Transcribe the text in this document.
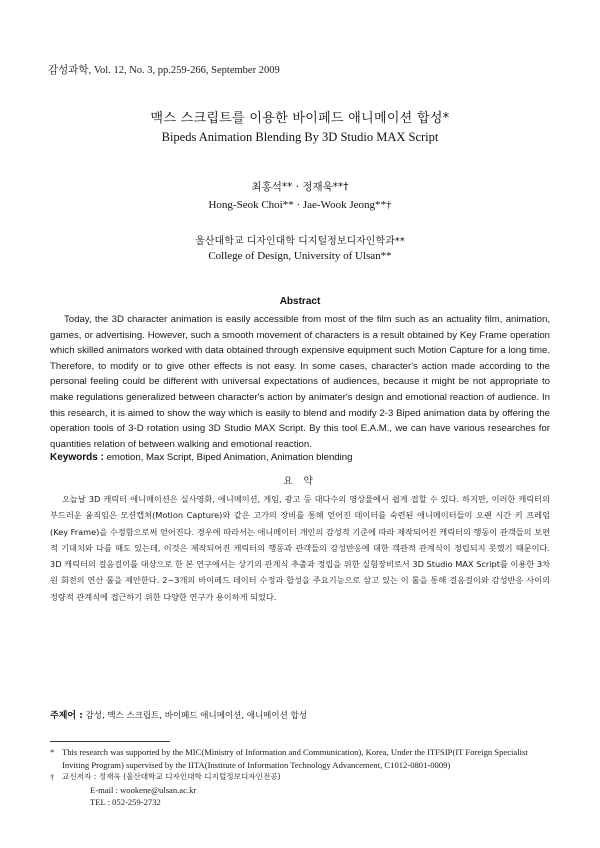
감성과학, Vol. 12, No. 3, pp.259-266, September 2009
맥스 스크립트를 이용한 바이페드 애니메이션 합성*
Bipeds Animation Blending By 3D Studio MAX Script
최홍석** · 정재욱**†
Hong-Seok Choi** · Jae-Wook Jeong**†
울산대학교 디자인대학 디지털정보디자인학과**
College of Design, University of Ulsan**
Abstract
Today, the 3D character animation is easily accessible from most of the film such as an actuality film, animation, games, or advertising. However, such a smooth movement of characters is a result obtained by Key Frame operation which skilled animators worked with data obtained through expensive equipment such Motion Capture for a long time. Therefore, to modify or to give other effects is not easy. In some cases, character's action made according to the personal feeling could be different with universal expectations of audiences, because it might be not appropriate to make regulations generalized between character's action by animater's design and emotional reaction of audience. In this research, it is aimed to show the way which is easily to blend and modify 2-3 Biped animation data by offering the operation tools of 3-D rotation using 3D Studio MAX Script. By this tool E.A.M., we can have various researches for quantities relation of between walking and emotional reaction.
Keywords : emotion, Max Script, Biped Animation, Animation blending
요 약
오늘날 3D 캐릭터 애니메이션은 실사영화, 애니메이션, 게임, 광고 등 대다수의 영상물에서 쉽게 접할 수 있다. 하지만, 이러한 캐릭터의 부드러운 움직임은 모션캡쳐(Motion Capture)와 같은 고가의 장비를 통해 얻어진 데이터를 숙련된 애니메이터들이 오랜 시간 키 프레임(Key Frame)을 수정함으로써 얻어진다. 경우에 따라서는 애니메이터 개인의 감성적 기준에 따라 제작되어진 캐릭터의 행동이 관객들의 보편적 기대치와 다를 때도 있는데, 이것은 제작되어진 캐릭터의 행동과 관객들의 감성반응에 대한 객관적 관계식이 정립되지 못했기 때문이다. 3D 캐릭터의 걸음걸이를 대상으로 한 본 연구에서는 상기의 관계식 추출과 정립을 위한 실험장비로서 3D Studio MAX Script를 이용한 3차원 회전의 연산 툴을 제안한다. 2~3개의 바이페드 데이터 수정과 합성을 주요기능으로 삼고 있는 이 툴을 통해 걸음걸이와 감성반응 사이의 정량적 관계식에 접근하기 위한 다양한 연구가 용이하게 되었다.
주제어 : 감성, 맥스 스크립트, 바이페드 애니메이션, 애니메이션 합성
* This research was supported by the MIC(Ministry of Information and Communication), Korea, Under the ITFSIP(IT Foreign Specialist Inviting Program) supervised by the IITA(Institute of Information Technology Advancement, C1012-0801-0009)
†	교신저자 : 정재욱 (울산대학교 디자인대학 디지털정보디자인전공)
E-mail : wookene@ulsan.ac.kr
TEL : 052-259-2732
